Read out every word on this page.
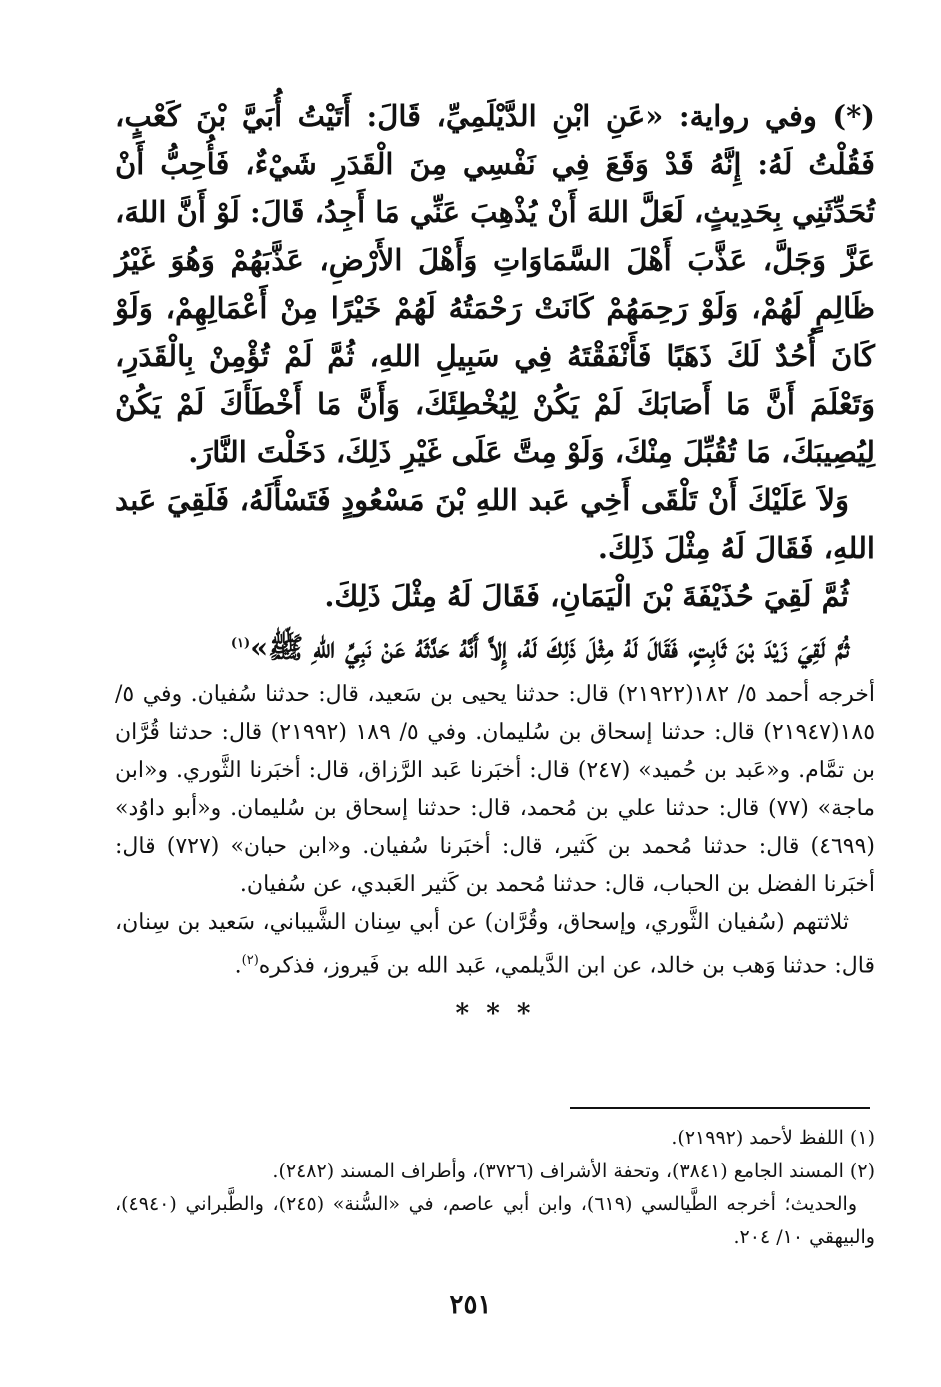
(*) وفي رواية: «عَنِ ابْنِ الدَّيْلَمِيِّ، قَالَ: أَتَيْتُ أُبَيَّ بْنَ كَعْبٍ، فَقُلْتُ لَهُ: إِنَّهُ قَدْ وَقَعَ فِي نَفْسِي مِنَ الْقَدَرِ شَيْءٌ، فَأُحِبُّ أَنْ تُحَدِّثَنِي بِحَدِيثٍ، لَعَلَّ اللهَ أَنْ يُذْهِبَ عَنِّي مَا أَجِدُ، قَالَ: لَوْ أَنَّ اللهَ، عَزَّ وَجَلَّ، عَذَّبَ أَهْلَ السَّمَاوَاتِ وَأَهْلَ الأَرْضِ، عَذَّبَهُمْ وَهُوَ غَيْرُ ظَالِمٍ لَهُمْ، وَلَوْ رَحِمَهُمْ كَانَتْ رَحْمَتُهُ لَهُمْ خَيْرًا مِنْ أَعْمَالِهِمْ، وَلَوْ كَانَ أُحُدٌ لَكَ ذَهَبًا فَأَنْفَقْتَهُ فِي سَبِيلِ اللهِ، ثُمَّ لَمْ تُؤْمِنْ بِالْقَدَرِ، وَتَعْلَمَ أَنَّ مَا أَصَابَكَ لَمْ يَكُنْ لِيُخْطِئَكَ، وَأَنَّ مَا أَخْطَأَكَ لَمْ يَكُنْ لِيُصِيبَكَ، مَا تُقُبِّلَ مِنْكَ، وَلَوْ مِتَّ عَلَى غَيْرِ ذَلِكَ، دَخَلْتَ النَّارَ.

وَلاَ عَلَيْكَ أَنْ تَلْقَى أَخِي عَبد اللهِ بْنَ مَسْعُودٍ فَتَسْأَلَهُ، فَلَقِيَ عَبد اللهِ، فَقَالَ لَهُ مِثْلَ ذَلِكَ.

ثُمَّ لَقِيَ حُذَيْفَةَ بْنَ الْيَمَانِ، فَقَالَ لَهُ مِثْلَ ذَلِكَ.

ثُمَّ لَقِيَ زَيْدَ بْنَ ثَابِتٍ، فَقَالَ لَهُ مِثْلَ ذَلِكَ لَهُ، إِلاَّ أَنَّهُ حَدَّثَهُ عَنْ نَبِيِّ اللهِ ﷺ»$^{(١)}$

أخرجه أحمد ٥/ ١٨٢(٢١٩٢٢) قال: حدثنا يحيى بن سَعيد، قال: حدثنا سُفيان. وفي ٥/ ١٨٥(٢١٩٤٧) قال: حدثنا إسحاق بن سُليمان. وفي ٥/ ١٨٩ (٢١٩٩٢) قال: حدثنا قُرَّان بن تمَّام. و«عَبد بن حُميد» (٢٤٧) قال: أخبَرنا عَبد الرَّزاق، قال: أخبَرنا الثَّوري. و«ابن ماجة» (٧٧) قال: حدثنا علي بن مُحمد، قال: حدثنا إسحاق بن سُليمان. و«أبو داوُد» (٤٦٩٩) قال: حدثنا مُحمد بن كَثير، قال: أخبَرنا سُفيان. و«ابن حبان» (٧٢٧) قال: أخبَرنا الفضل بن الحباب، قال: حدثنا مُحمد بن كَثير العَبدي، عن سُفيان.

ثلاثتهم (سُفيان الثَّوري، وإسحاق، وقُرَّان) عن أبي سِنان الشَّيباني، سَعيد بن سِنان، قال: حدثنا وَهب بن خالد، عن ابن الدَّيلمي، عَبد الله بن فَيروز، فذكره$^{(٢)}$.

* * *

(١) اللفظ لأحمد (٢١٩٩٢).

(٢) المسند الجامع (٣٨٤١)، وتحفة الأشراف (٣٧٢٦)، وأطراف المسند (٢٤٨٢).

والحديث؛ أخرجه الطَّيالسي (٦١٩)، وابن أبي عاصم، في «السُّنة» (٢٤٥)، والطَّبراني (٤٩٤٠)، والبيهقي ١٠/ ٢٠٤.

٢٥١
